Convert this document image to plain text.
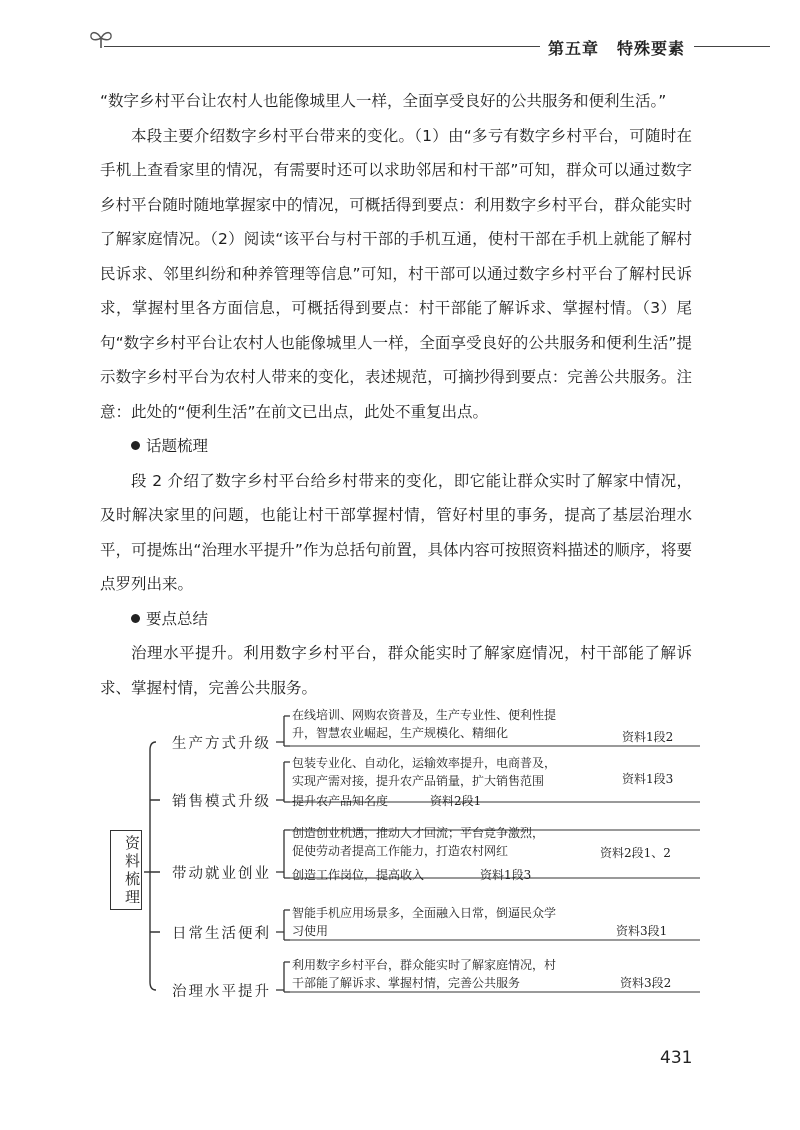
第五章 特殊要素

“数字乡村平台让农村人也能像城里人一样，全面享受良好的公共服务和便利生活。”

本段主要介绍数字乡村平台带来的变化。（1）由“多亏有数字乡村平台，可随时在手机上查看家里的情况，有需要时还可以求助邻居和村干部”可知，群众可以通过数字乡村平台随时随地掌握家中的情况，可概括得到要点：利用数字乡村平台，群众能实时了解家庭情况。（2）阅读“该平台与村干部的手机互通，使村干部在手机上就能了解村民诉求、邻里纠纷和种养管理等信息”可知，村干部可以通过数字乡村平台了解村民诉求，掌握村里各方面信息，可概括得到要点：村干部能了解诉求、掌握村情。（3）尾句“数字乡村平台让农村人也能像城里人一样，全面享受良好的公共服务和便利生活”提示数字乡村平台为农村人带来的变化，表述规范，可摘抄得到要点：完善公共服务。注意：此处的“便利生活”在前文已出点，此处不重复出点。

话题梳理

段 2 介绍了数字乡村平台给乡村带来的变化，即它能让群众实时了解家中情况，及时解决家里的问题，也能让村干部掌握村情，管好村里的事务，提高了基层治理水平，可提炼出“治理水平提升”作为总括句前置，具体内容可按照资料描述的顺序，将要点罗列出来。

要点总结

治理水平提升。利用数字乡村平台，群众能实时了解家庭情况，村干部能了解诉求、掌握村情，完善公共服务。

资料梳理
生产方式升级
销售模式升级
带动就业创业
日常生活便利
治理水平提升
在线培训、网购农资普及，生产专业性、便利性提
升，智慧农业崛起，生产规模化、精细化	资料1段2
包装专业化、自动化，运输效率提升，电商普及，
实现产需对接，提升农产品销量，扩大销售范围	资料1段3
提升农产品知名度	资料2段1
创造创业机遇，推动人才回流；平台竞争激烈，
促使劳动者提高工作能力，打造农村网红	资料2段1、2
创造工作岗位，提高收入	资料1段3
智能手机应用场景多，全面融入日常，倒逼民众学
习使用	资料3段1
利用数字乡村平台，群众能实时了解家庭情况，村
干部能了解诉求、掌握村情，完善公共服务	资料3段2
431
